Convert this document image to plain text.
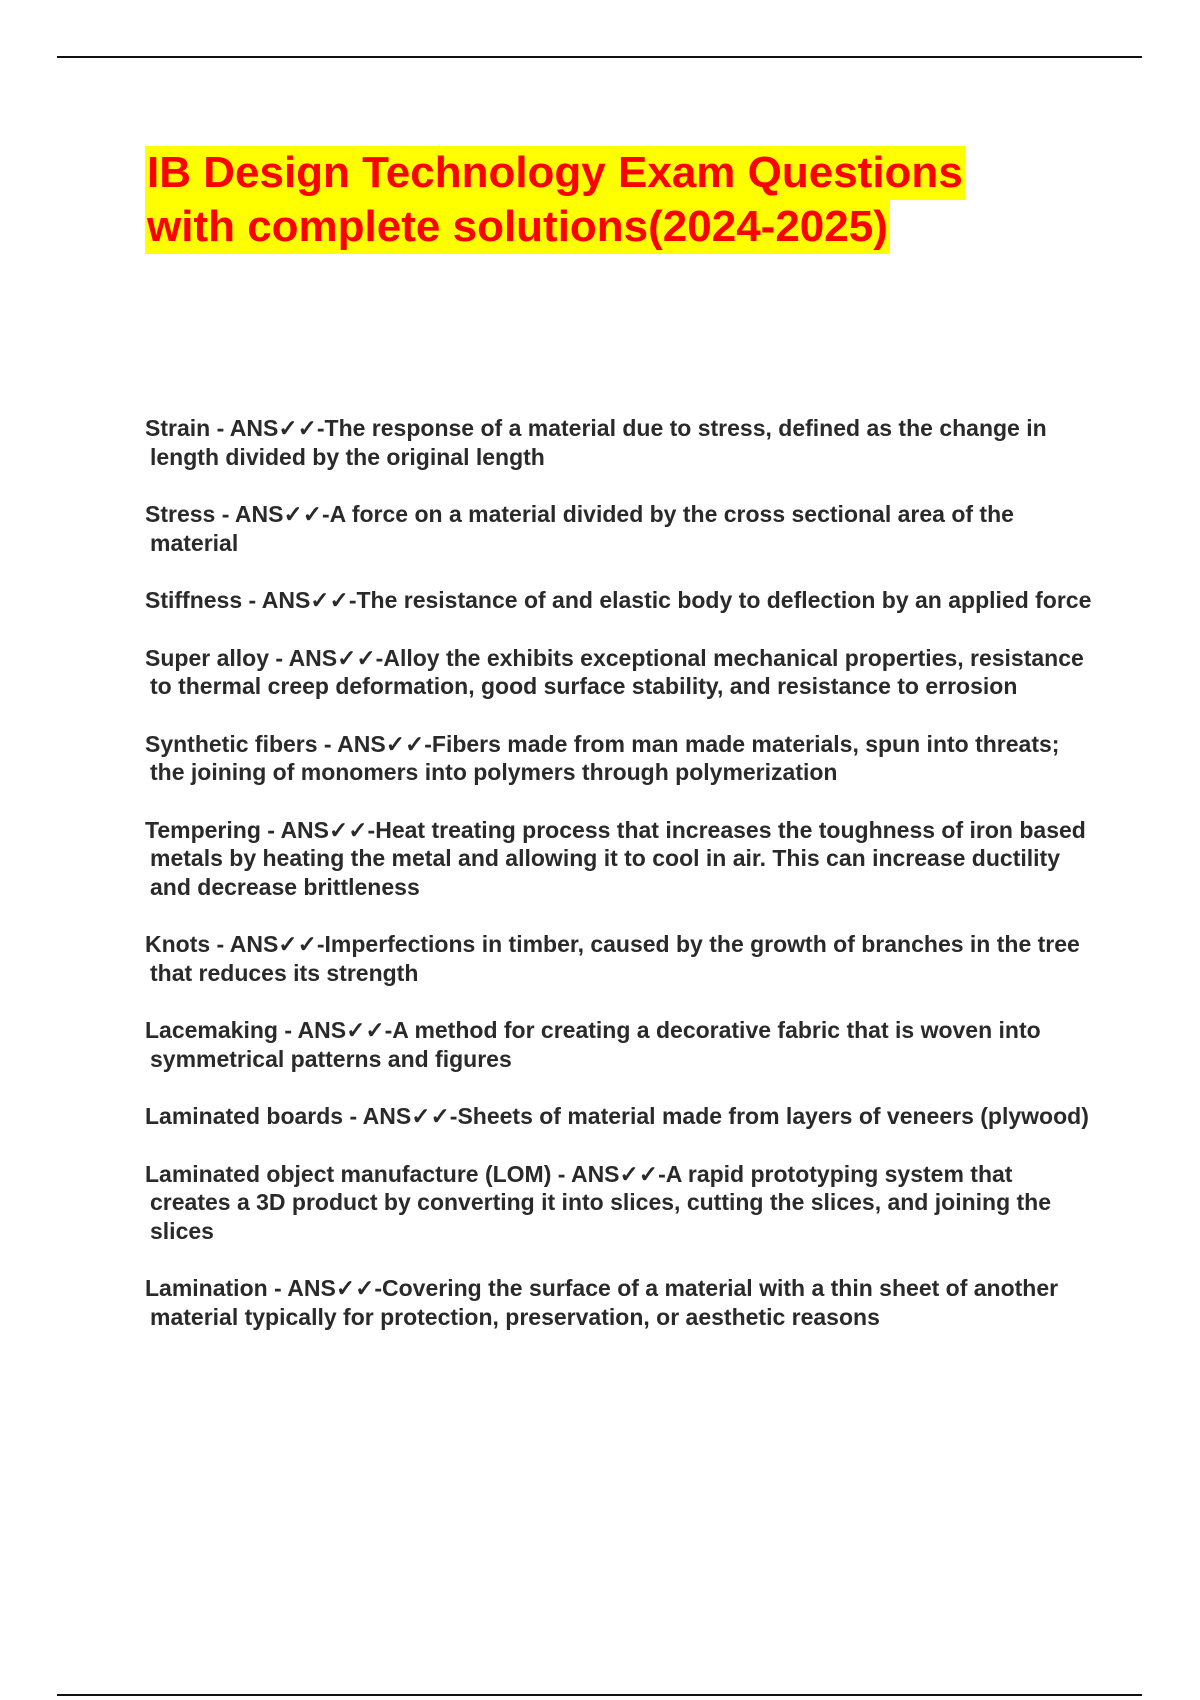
IB Design Technology Exam Questions
with complete solutions(2024-2025)

Strain - ANS✓✓-The response of a material due to stress, defined as the change in length divided by the original length

Stress - ANS✓✓-A force on a material divided by the cross sectional area of the material

Stiffness - ANS✓✓-The resistance of and elastic body to deflection by an applied force

Super alloy - ANS✓✓-Alloy the exhibits exceptional mechanical properties, resistance to thermal creep deformation, good surface stability, and resistance to errosion

Synthetic fibers - ANS✓✓-Fibers made from man made materials, spun into threats; the joining of monomers into polymers through polymerization

Tempering - ANS✓✓-Heat treating process that increases the toughness of iron based metals by heating the metal and allowing it to cool in air. This can increase ductility and decrease brittleness

Knots - ANS✓✓-Imperfections in timber, caused by the growth of branches in the tree that reduces its strength

Lacemaking - ANS✓✓-A method for creating a decorative fabric that is woven into symmetrical patterns and figures

Laminated boards - ANS✓✓-Sheets of material made from layers of veneers (plywood)

Laminated object manufacture (LOM) - ANS✓✓-A rapid prototyping system that creates a 3D product by converting it into slices, cutting the slices, and joining the slices

Lamination - ANS✓✓-Covering the surface of a material with a thin sheet of another material typically for protection, preservation, or aesthetic reasons
